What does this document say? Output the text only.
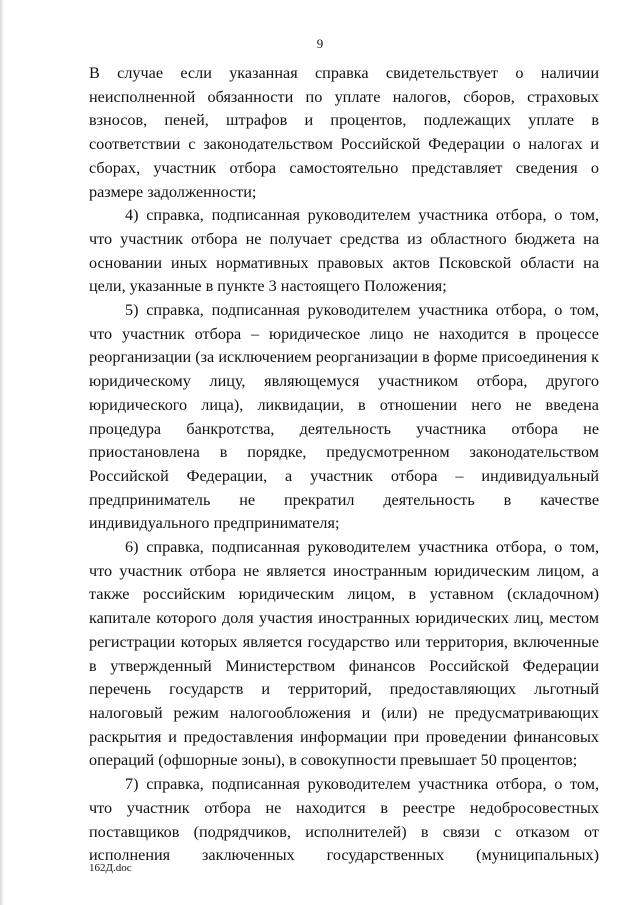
9

В случае если указанная справка свидетельствует о наличии неисполненной обязанности по уплате налогов, сборов, страховых взносов, пеней, штрафов и процентов, подлежащих уплате в соответствии с законодательством Российской Федерации о налогах и сборах, участник отбора самостоятельно представляет сведения о размере задолженности;

4) справка, подписанная руководителем участника отбора, о том, что участник отбора не получает средства из областного бюджета на основании иных нормативных правовых актов Псковской области на цели, указанные в пункте 3 настоящего Положения;

5) справка, подписанная руководителем участника отбора, о том, что участник отбора – юридическое лицо не находится в процессе реорганизации (за исключением реорганизации в форме присоединения к юридическому лицу, являющемуся участником отбора, другого юридического лица), ликвидации, в отношении него не введена процедура банкротства, деятельность участника отбора не приостановлена в порядке, предусмотренном законодательством Российской Федерации, а участник отбора – индивидуальный предприниматель не прекратил деятельность в качестве индивидуального предпринимателя;

6) справка, подписанная руководителем участника отбора, о том, что участник отбора не является иностранным юридическим лицом, а также российским юридическим лицом, в уставном (складочном) капитале которого доля участия иностранных юридических лиц, местом регистрации которых является государство или территория, включенные в утвержденный Министерством финансов Российской Федерации перечень государств и территорий, предоставляющих льготный налоговый режим налогообложения и (или) не предусматривающих раскрытия и предоставления информации при проведении финансовых операций (офшорные зоны), в совокупности превышает 50 процентов;

7) справка, подписанная руководителем участника отбора, о том, что участник отбора не находится в реестре недобросовестных поставщиков (подрядчиков, исполнителей) в связи с отказом от исполнения заключенных государственных (муниципальных)

162Д.doc
